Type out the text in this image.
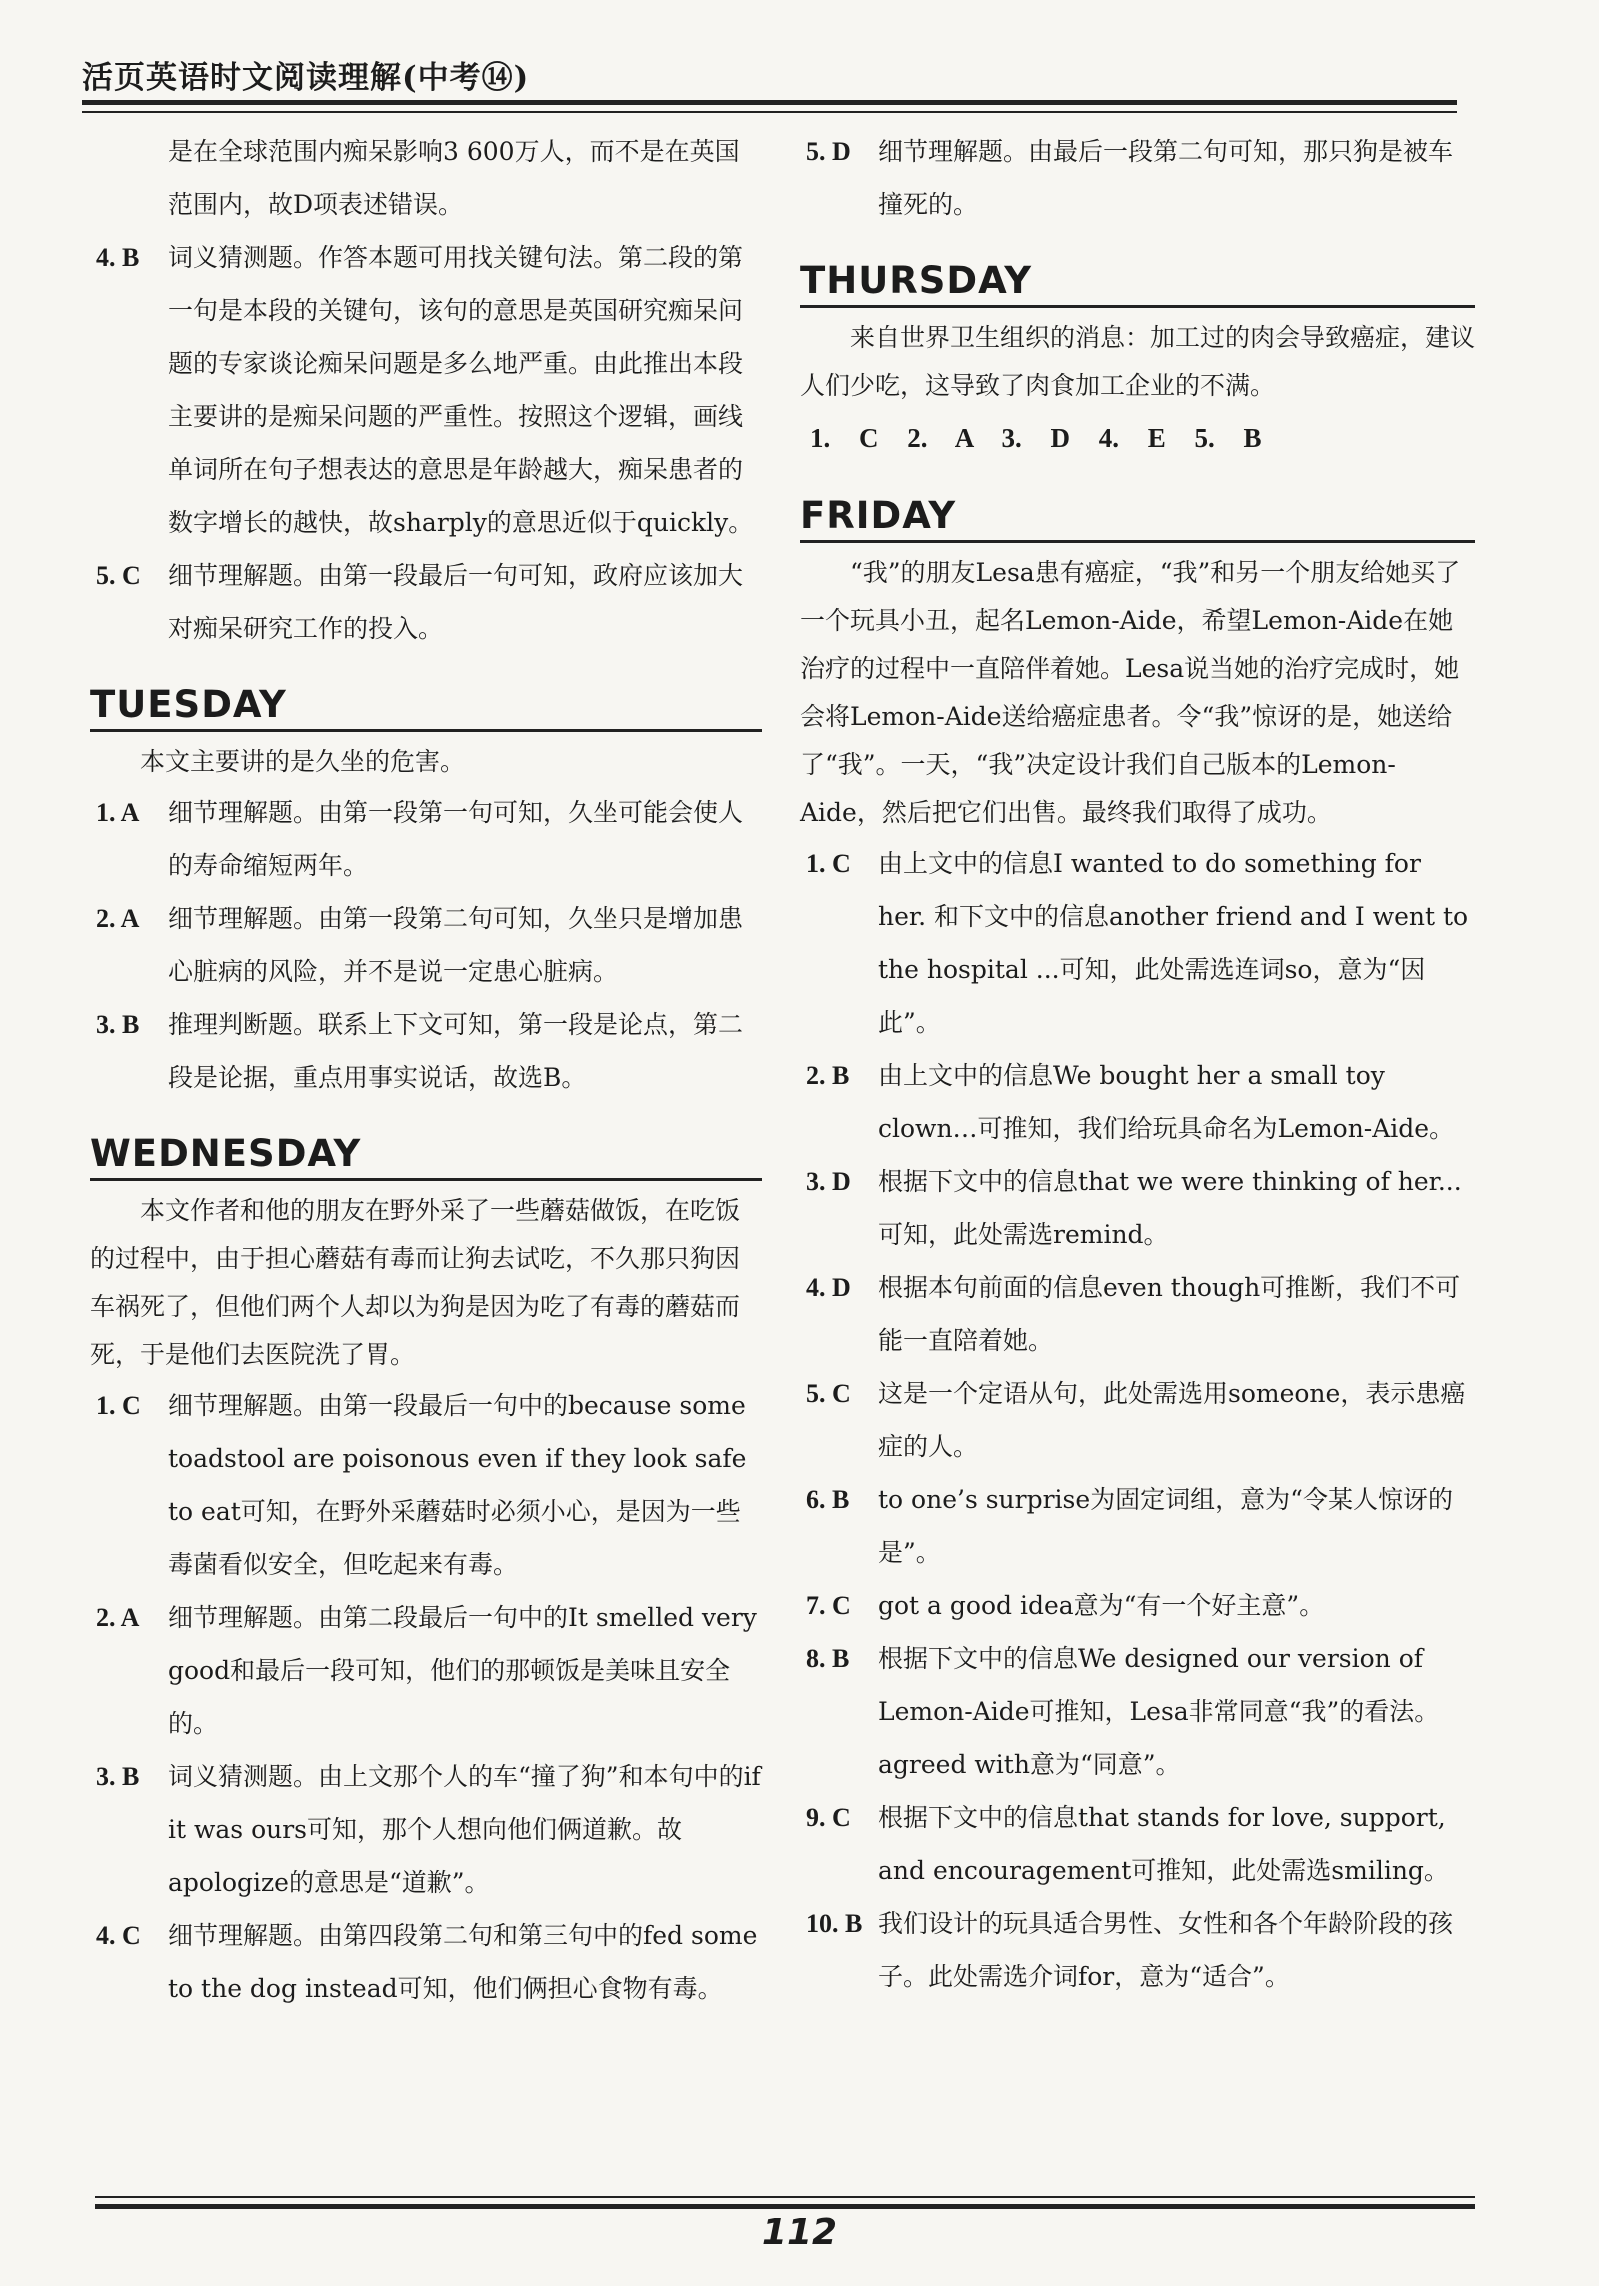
活页英语时文阅读理解(中考⑭)
是在全球范围内痴呆影响3 600万人，而不是在英国范围内，故D项表述错误。
4. B 词义猜测题。作答本题可用找关键句法。第二段的第一句是本段的关键句，该句的意思是英国研究痴呆问题的专家谈论痴呆问题是多么地严重。由此推出本段主要讲的是痴呆问题的严重性。按照这个逻辑，画线单词所在句子想表达的意思是年龄越大，痴呆患者的数字增长的越快，故sharply的意思近似于quickly。
5. C 细节理解题。由第一段最后一句可知，政府应该加大对痴呆研究工作的投入。
TUESDAY
本文主要讲的是久坐的危害。
1. A 细节理解题。由第一段第一句可知，久坐可能会使人的寿命缩短两年。
2. A 细节理解题。由第一段第二句可知，久坐只是增加患心脏病的风险，并不是说一定患心脏病。
3. B 推理判断题。联系上下文可知，第一段是论点，第二段是论据，重点用事实说话，故选B。
WEDNESDAY
本文作者和他的朋友在野外采了一些蘑菇做饭，在吃饭的过程中，由于担心蘑菇有毒而让狗去试吃，不久那只狗因车祸死了，但他们两个人却以为狗是因为吃了有毒的蘑菇而死，于是他们去医院洗了胃。
1. C 细节理解题。由第一段最后一句中的because some toadstool are poisonous even if they look safe to eat可知，在野外采蘑菇时必须小心，是因为一些毒菌看似安全，但吃起来有毒。
2. A 细节理解题。由第二段最后一句中的It smelled very good和最后一段可知，他们的那顿饭是美味且安全的。
3. B 词义猜测题。由上文那个人的车“撞了狗”和本句中的if it was ours可知，那个人想向他们俩道歉。故apologize的意思是“道歉”。
4. C 细节理解题。由第四段第二句和第三句中的fed some to the dog instead可知，他们俩担心食物有毒。
5. D 细节理解题。由最后一段第二句可知，那只狗是被车撞死的。
THURSDAY
来自世界卫生组织的消息：加工过的肉会导致癌症，建议人们少吃，这导致了肉食加工企业的不满。
1. C 2. A 3. D 4. E 5. B
FRIDAY
“我”的朋友Lesa患有癌症，“我”和另一个朋友给她买了一个玩具小丑，起名Lemon-Aide，希望Lemon-Aide在她治疗的过程中一直陪伴着她。Lesa说当她的治疗完成时，她会将Lemon-Aide送给癌症患者。令“我”惊讶的是，她送给了“我”。一天，“我”决定设计我们自己版本的Lemon-Aide，然后把它们出售。最终我们取得了成功。
1. C 由上文中的信息I wanted to do something for her. 和下文中的信息another friend and I went to the hospital ...可知，此处需选连词so，意为“因此”。
2. B 由上文中的信息We bought her a small toy clown…可推知，我们给玩具命名为Lemon-Aide。
3. D 根据下文中的信息that we were thinking of her...可知，此处需选remind。
4. D 根据本句前面的信息even though可推断，我们不可能一直陪着她。
5. C 这是一个定语从句，此处需选用someone，表示患癌症的人。
6. B to one’s surprise为固定词组，意为“令某人惊讶的是”。
7. C got a good idea意为“有一个好主意”。
8. B 根据下文中的信息We designed our version of Lemon-Aide可推知，Lesa非常同意“我”的看法。agreed with意为“同意”。
9. C 根据下文中的信息that stands for love, support, and encouragement可推知，此处需选smiling。
10. B 我们设计的玩具适合男性、女性和各个年龄阶段的孩子。此处需选介词for，意为“适合”。
112
